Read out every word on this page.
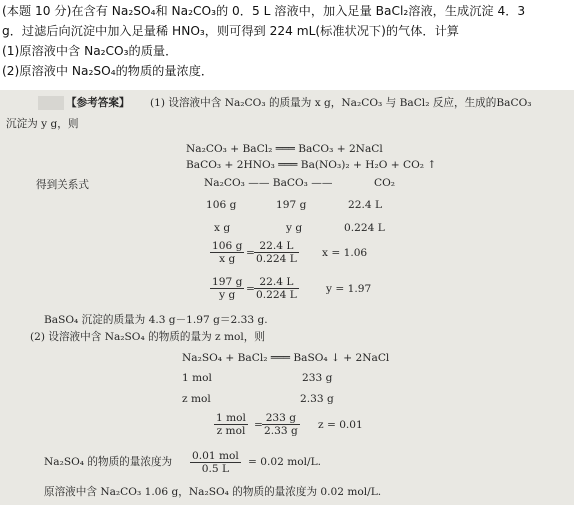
(本题 10 分)在含有 Na₂SO₄和 Na₂CO₃的 0．5 L 溶液中，加入足量 BaCl₂溶液，生成沉淀 4．3
g．过滤后向沉淀中加入足量稀 HNO₃，则可得到 224 mL(标准状况下)的气体．计算
(1)原溶液中含 Na₂CO₃的质量．
(2)原溶液中 Na₂SO₄的物质的量浓度．
【参考答案】 (1) 设溶液中含 Na₂CO₃ 的质量为 x g，Na₂CO₃ 与 BaCl₂ 反应，生成的BaCO₃
沉淀为 y g，则
Na₂CO₃ + BaCl₂ ═══ BaCO₃ + 2NaCl
BaCO₃ + 2HNO₃ ═══ Ba(NO₃)₂ + H₂O + CO₂ ↑
得到关系式	Na₂CO₃ —— BaCO₃ ——	CO₂
106 g	197 g	22.4 L
x g	y g	0.224 L
$\frac{106 g}{\text{x g}} = \frac{22.4 L}{0.224 L}$ x = 1.06
$\frac{197 g}{\text{y g}} = \frac{22.4 L}{0.224 L}$	y = 1.97
BaSO₄ 沉淀的质量为 4.3 g－1.97 g＝2.33 g.
(2) 设溶液中含 Na₂SO₄ 的物质的量为 z mol，则
Na₂SO₄ + BaCl₂ ═══ BaSO₄ ↓ + 2NaCl
1 mol	233 g
z mol	2.33 g
1 mol
z mol = $\frac{233 g}{2.33 g}$ z = 0.01
Na₂SO₄ 的物质的量浓度为 0.01 mol
0.5 L
= 0.02 mol/L.
原溶液中含 Na₂CO₃ 1.06 g，Na₂SO₄ 的物质的量浓度为 0.02 mol/L.
